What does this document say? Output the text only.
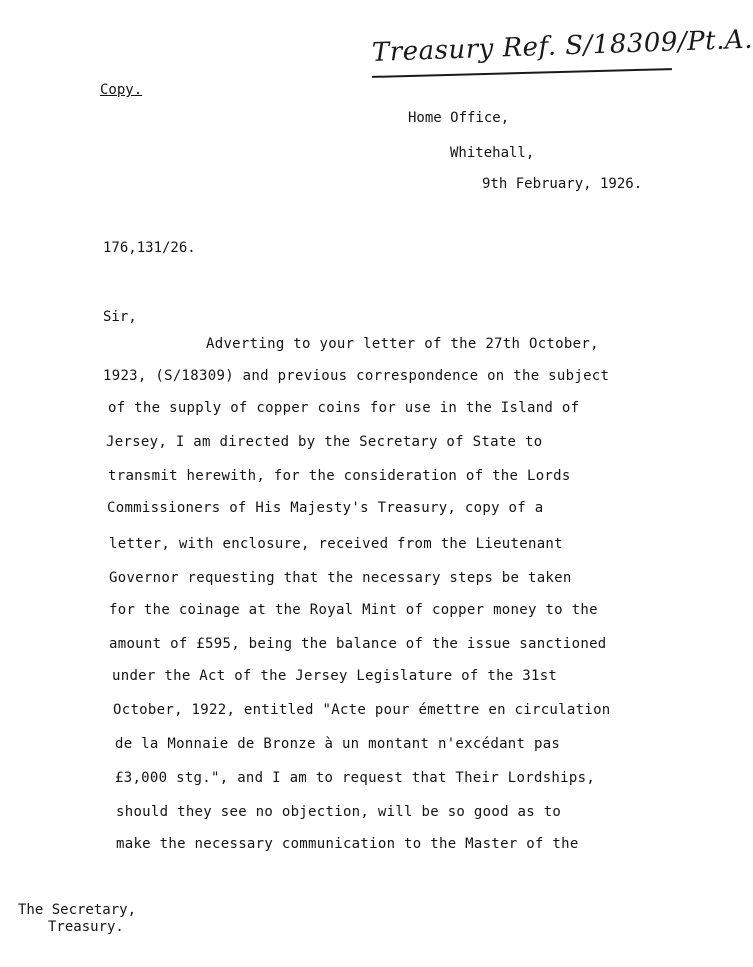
Treasury Ref. S/18309/Pt.A.
Copy.
Home Office,
Whitehall,
9th February, 1926.
176,131/26.
Sir,
Adverting to your letter of the 27th October,
1923, (S/18309) and previous correspondence on the subject
of the supply of copper coins for use in the Island of
Jersey, I am directed by the Secretary of State to
transmit herewith, for the consideration of the Lords
Commissioners of His Majesty's Treasury, copy of a
letter, with enclosure, received from the Lieutenant
Governor requesting that the necessary steps be taken
for the coinage at the Royal Mint of copper money to the
amount of £595, being the balance of the issue sanctioned
under the Act of the Jersey Legislature of the 31st
October, 1922, entitled "Acte pour émettre en circulation
de la Monnaie de Bronze à un montant n'excédant pas
£3,000 stg.", and I am to request that Their Lordships,
should they see no objection, will be so good as to
make the necessary communication to the Master of the
The Secretary,
Treasury.
